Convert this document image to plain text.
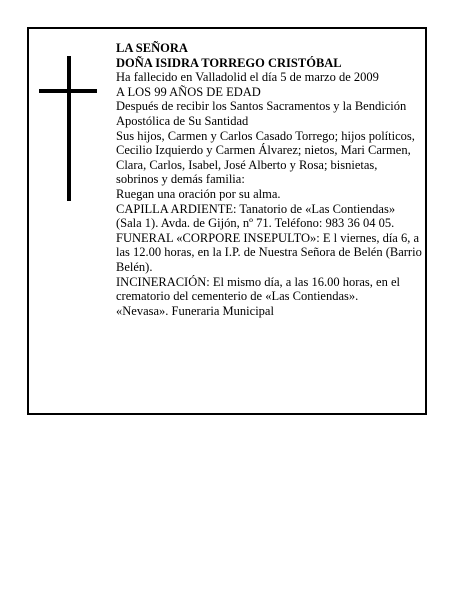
LA SEÑORA

DOÑA ISIDRA TORREGO CRISTÓBAL

Ha fallecido en Valladolid el día 5 de marzo de 2009

A LOS 99 AÑOS DE EDAD

Después de recibir los Santos Sacramentos y la Bendición Apostólica de Su Santidad

Sus hijos, Carmen y Carlos Casado Torrego; hijos políticos, Cecilio Izquierdo y Carmen Álvarez; nietos, Mari Carmen, Clara, Carlos, Isabel, José Alberto y Rosa; bisnietas, sobrinos y demás familia:

Ruegan una oración por su alma.

CAPILLA ARDIENTE: Tanatorio de «Las Contiendas» (Sala 1). Avda. de Gijón, nº 71. Teléfono: 983 36 04 05.

FUNERAL «CORPORE INSEPULTO»: E l viernes, día 6, a las 12.00 horas, en la I.P. de Nuestra Señora de Belén (Barrio Belén).

INCINERACIÓN: El mismo día, a las 16.00 horas, en el crematorio del cementerio de «Las Contiendas».

«Nevasa». Funeraria Municipal
